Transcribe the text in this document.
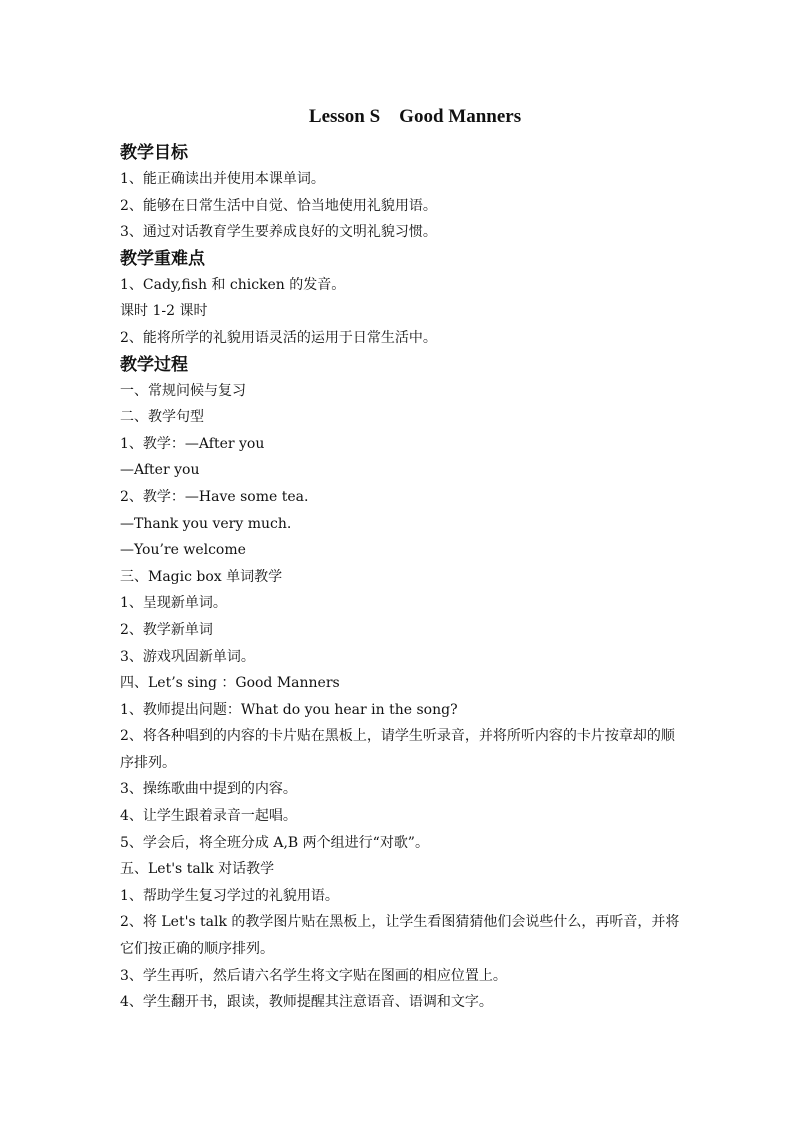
Lesson S    Good Manners
教学目标
1、能正确读出并使用本课单词。
2、能够在日常生活中自觉、恰当地使用礼貌用语。
3、通过对话教育学生要养成良好的文明礼貌习惯。
教学重难点
1、Cady,fish 和 chicken 的发音。
课时 1-2 课时
2、能将所学的礼貌用语灵活的运用于日常生活中。
教学过程
一、常规问候与复习
二、教学句型
1、教学：—After you
—After you
2、教学：—Have some tea.
—Thank you very much.
—You’re welcome
三、Magic box 单词教学
1、呈现新单词。
2、教学新单词
3、游戏巩固新单词。
四、Let’s sing ：Good Manners
1、教师提出问题：What do you hear in the song?
2、将各种唱到的内容的卡片贴在黑板上，请学生听录音，并将所听内容的卡片按章却的顺序排列。
3、操练歌曲中提到的内容。
4、让学生跟着录音一起唱。
5、学会后，将全班分成 A,B 两个组进行“对歌”。
五、Let's talk 对话教学
1、帮助学生复习学过的礼貌用语。
2、将 Let's talk 的教学图片贴在黑板上，让学生看图猜猜他们会说些什么，再听音，并将它们按正确的顺序排列。
3、学生再听，然后请六名学生将文字贴在图画的相应位置上。
4、学生翻开书，跟读，教师提醒其注意语音、语调和文字。
